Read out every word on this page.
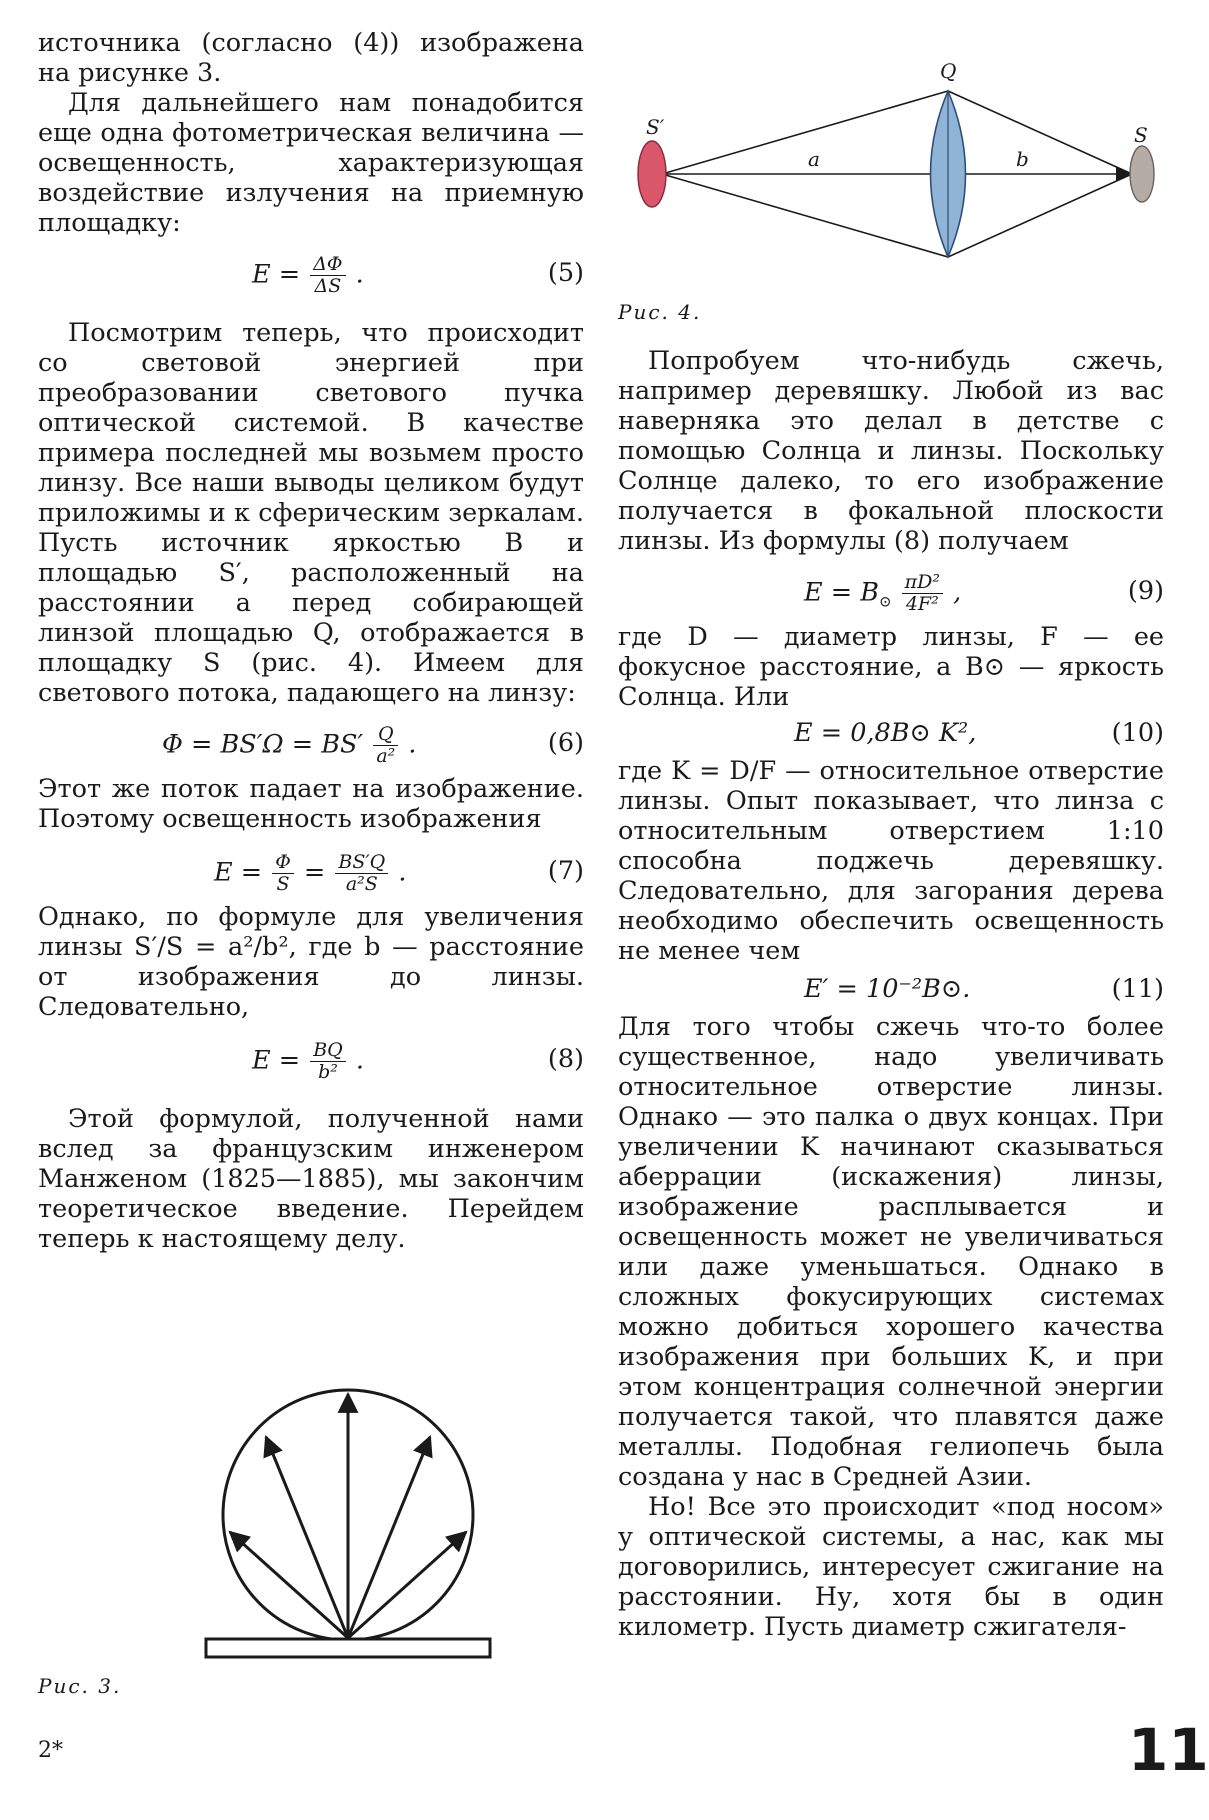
источника (согласно (4)) изображена на рисунке 3.

Для дальнейшего нам понадобится еще одна фотометрическая величина — освещенность, характеризующая воздействие излучения на приемную площадку:

$E = \frac{\Delta\Phi}{\Delta S}$ .	(5)

Посмотрим теперь, что происходит со световой энергией при преобразовании светового пучка оптической системой. В качестве примера последней мы возьмем просто линзу. Все наши выводы целиком будут приложимы и к сферическим зеркалам. Пусть источник яркостью B и площадью S′, расположенный на расстоянии a перед собирающей линзой площадью Q, отображается в площадку S (рис. 4). Имеем для светового потока, падающего на линзу:

$\Phi = BS'\Omega = BS' \frac{Q}{\text{a²}}$ .	(6)

Этот же поток падает на изображение. Поэтому освещенность изображения

$E = \frac{\Phi}{S} = \frac{BS'Q}{\text{a²S}}$ .	(7)

Однако, по формуле для увеличения линзы S′/S = a²/b², где b — расстояние от изображения до линзы. Следовательно,

$E = \frac{BQ}{\text{b²}}$ .	(8)

Этой формулой, полученной нами вслед за французским инженером Манженом (1825—1885), мы закончим теоретическое введение. Перейдем теперь к настоящему делу.

Попробуем что-нибудь сжечь, например деревяшку. Любой из вас наверняка это делал в детстве с помощью Солнца и линзы. Поскольку Солнце далеко, то его изображение получается в фокальной плоскости линзы. Из формулы (8) получаем

$E = B_⊙ \frac{\text{πD²}}{\text{4F²}}$ ,	(9)

где D — диаметр линзы, F — ее фокусное расстояние, а B⊙ — яркость Солнца. Или

E = 0,8B⊙ K²,	(10)

где K = D/F — относительное отверстие линзы. Опыт показывает, что линза с относительным отверстием 1:10 способна поджечь деревяшку. Следовательно, для загорания дерева необходимо обеспечить освещенность не менее чем

E′ = 10⁻²B⊙.	(11)

Для того чтобы сжечь что-то более существенное, надо увеличивать относительное отверстие линзы. Однако — это палка о двух концах. При увеличении K начинают сказываться аберрации (искажения) линзы, изображение расплывается и освещенность может не увеличиваться или даже уменьшаться. Однако в сложных фокусирующих системах можно добиться хорошего качества изображения при больших K, и при этом концентрация солнечной энергии получается такой, что плавятся даже металлы. Подобная гелиопечь была создана у нас в Средней Азии.

Но! Все это происходит «под носом» у оптической системы, а нас, как мы договорились, интересует сжигание на расстоянии. Ну, хотя бы в один километр. Пусть диаметр сжигателя-

S′
Q
S
a	b
Рис. 4.
Рис. 3.
2*	11
